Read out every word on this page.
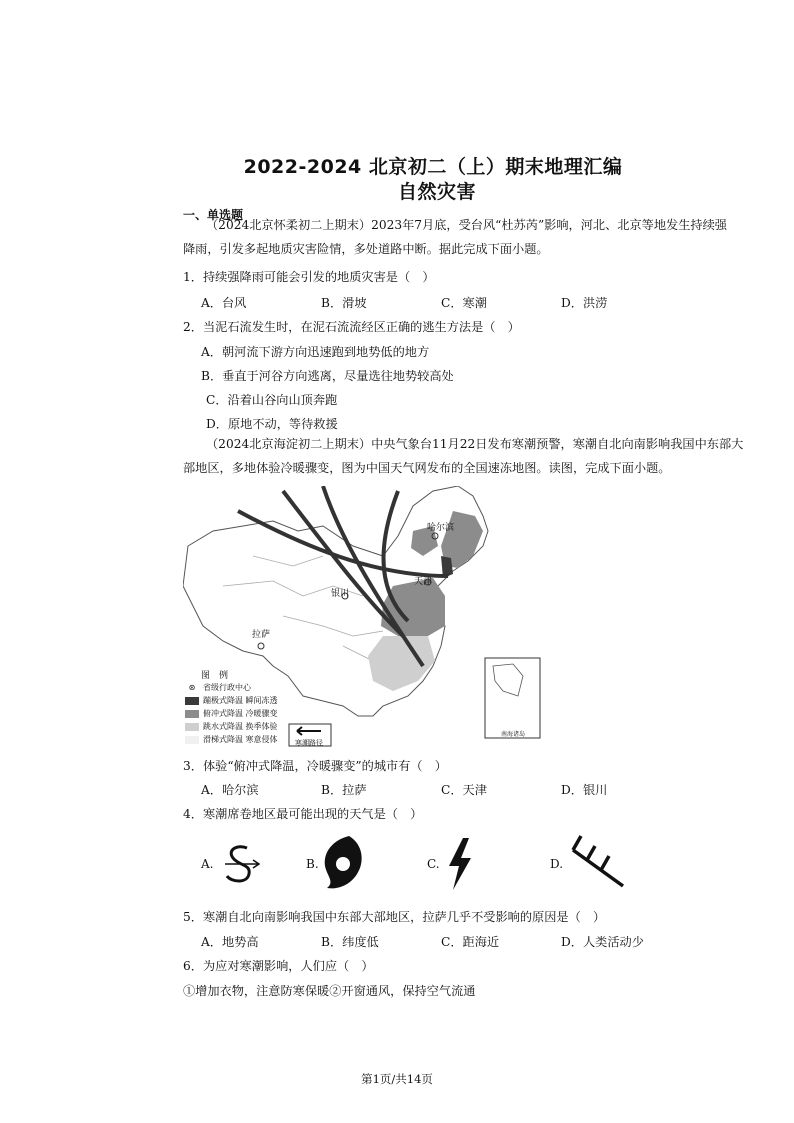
2022-2024 北京初二（上）期末地理汇编
自然灾害
一、单选题
（2024北京怀柔初二上期末）2023年7月底，受台风“杜苏芮”影响，河北、北京等地发生持续强
降雨，引发多起地质灾害险情，多处道路中断。据此完成下面小题。
1．持续强降雨可能会引发的地质灾害是（　）
A．台风	B．滑坡	C．寒潮	D．洪涝
2．当泥石流发生时，在泥石流流经区正确的逃生方法是（　）
A．朝河流下游方向迅速跑到地势低的地方
B．垂直于河谷方向逃离，尽量选往地势较高处
C．沿着山谷向山顶奔跑
D．原地不动，等待救援
（2024北京海淀初二上期末）中央气象台11月22日发布寒潮预警，寒潮自北向南影响我国中东部大
部地区，多地体验冷暖骤变，图为中国天气网发布的全国速冻地图。读图，完成下面小题。
哈尔滨
天津
银川
拉萨
图　例
⊛ 省级行政中心
蹦极式降温 瞬间冻透
俯冲式降温 冷暖骤变
跳水式降温 换季体验
滑梯式降温 寒意侵体 寒潮路径
南海诸岛
3．体验“俯冲式降温，冷暖骤变”的城市有（　）
A．哈尔滨	B．拉萨	C．天津	D．银川
4．寒潮席卷地区最可能出现的天气是（　）
A.	B.	C.	D.
5．寒潮自北向南影响我国中东部大部地区，拉萨几乎不受影响的原因是（　）
A．地势高	B．纬度低	C．距海近	D．人类活动少
6．为应对寒潮影响，人们应（　）
①增加衣物，注意防寒保暖②开窗通风，保持空气流通
第1页/共14页
